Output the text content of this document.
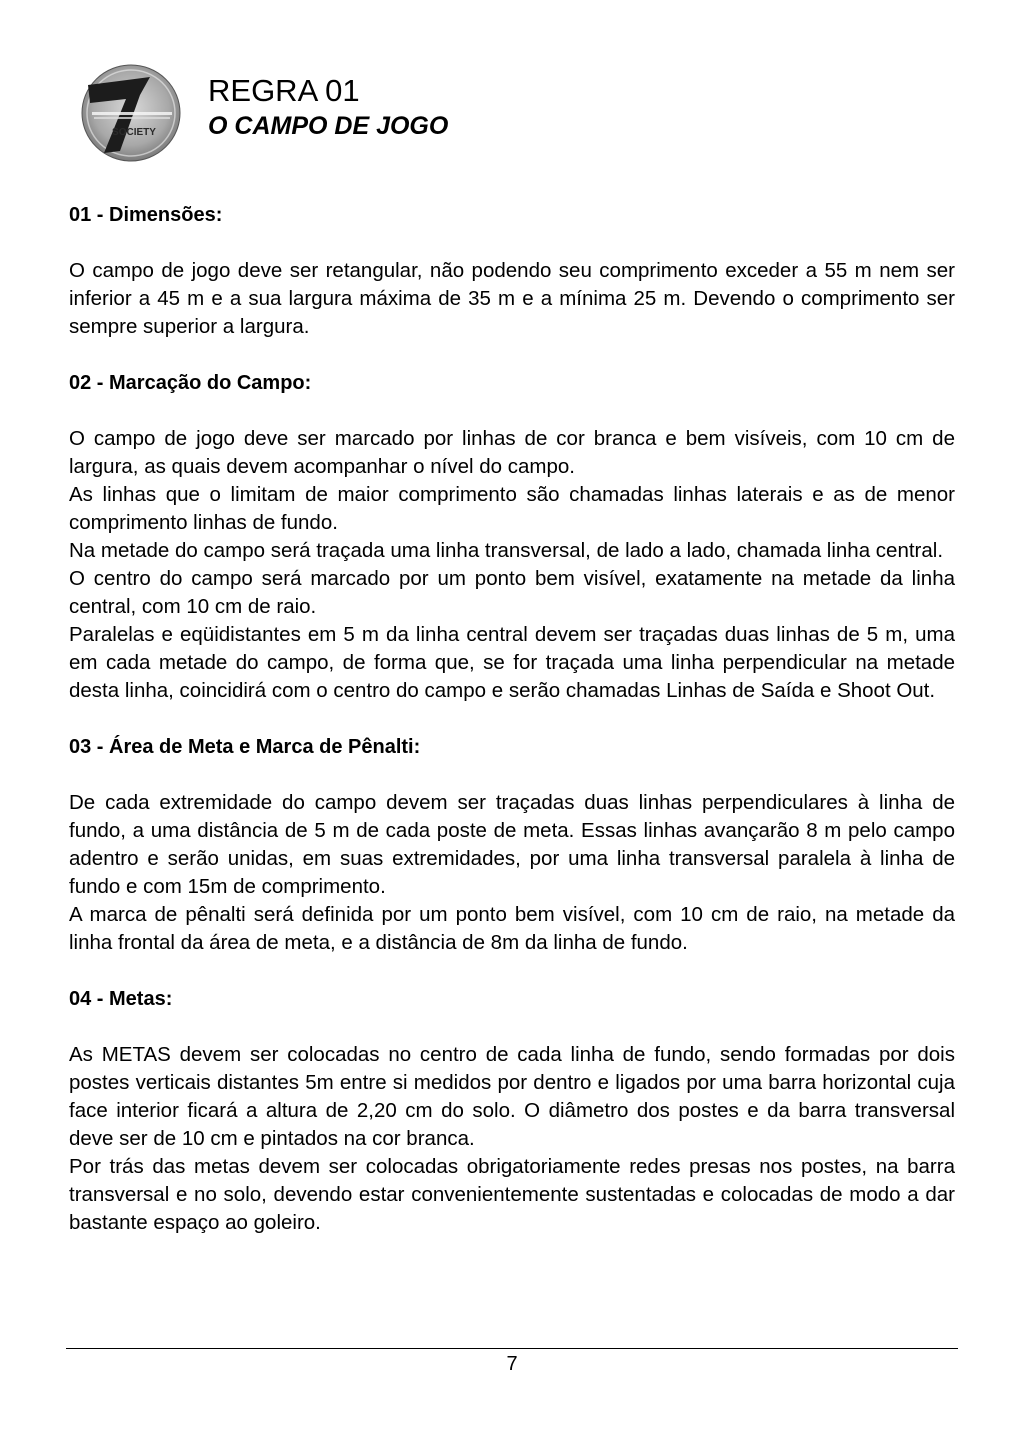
SOCIETY
REGRA 01
O CAMPO DE JOGO

01 - Dimensões:

O campo de jogo deve ser retangular, não podendo seu comprimento exceder a 55 m nem ser inferior a 45 m e a sua largura máxima de 35 m e a mínima 25 m. Devendo o comprimento ser sempre superior a largura.

02 - Marcação do Campo:

O campo de jogo deve ser marcado por linhas de cor branca e bem visíveis, com 10 cm de largura, as quais devem acompanhar o nível do campo.

As linhas que o limitam de maior comprimento são chamadas linhas laterais e as de menor comprimento linhas de fundo.

Na metade do campo será traçada uma linha transversal, de lado a lado, chamada linha central.

O centro do campo será marcado por um ponto bem visível, exatamente na metade da linha central, com 10 cm de raio.

Paralelas e eqüidistantes em 5 m da linha central devem ser traçadas duas linhas de 5 m, uma em cada metade do campo, de forma que, se for traçada uma linha perpendicular na metade desta linha, coincidirá com o centro do campo e serão chamadas Linhas de Saída e Shoot Out.

03 - Área de Meta e Marca de Pênalti:

De cada extremidade do campo devem ser traçadas duas linhas perpendiculares à linha de fundo, a uma distância de 5 m de cada poste de meta. Essas linhas avançarão 8 m pelo campo adentro e serão unidas, em suas extremidades, por uma linha transversal paralela à linha de fundo e com 15m de comprimento.

A marca de pênalti será definida por um ponto bem visível, com 10 cm de raio, na metade da linha frontal da área de meta, e a distância de 8m da linha de fundo.

04 - Metas:

As METAS devem ser colocadas no centro de cada linha de fundo, sendo formadas por dois postes verticais distantes 5m entre si medidos por dentro e ligados por uma barra horizontal cuja face interior ficará a altura de 2,20 cm do solo. O diâmetro dos postes e da barra transversal deve ser de 10 cm e pintados na cor branca.

Por trás das metas devem ser colocadas obrigatoriamente redes presas nos postes, na barra transversal e no solo, devendo estar convenientemente sustentadas e colocadas de modo a dar bastante espaço ao goleiro.

7
